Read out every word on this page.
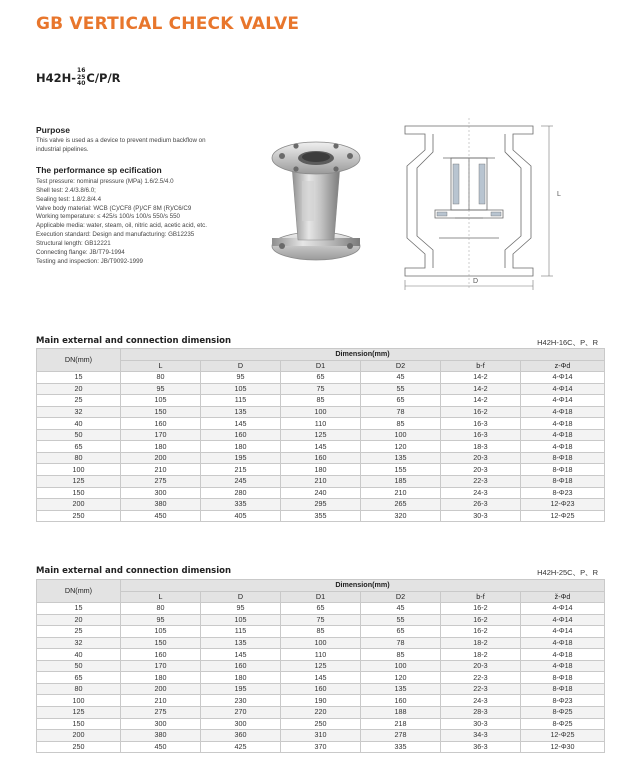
GB VERTICAL CHECK VALVE
H42H-
16
25
40 C/P/R
Purpose
This valve is used as a device to prevent medium backflow on industrial pipelines.
The performance sp ecification
Test pressure: nominal pressure (MPa) 1.6/2.5/4.0
Shell test: 2.4/3.8/6.0;
Sealing test: 1.8/2.8/4.4
Valve body material: WCB (C)/CF8 (P)/CF 8M (R)/C6/C9
Working temperature: ≤ 425/s 100/s 100/s 550/s 550
Applicable media: water, steam, oil, nitric acid, acetic acid, etc.
Execution standard: Design and manufacturing: GB12235
Structural length: GB12221
Connecting flange: JB/T79-1994
Testing and inspection: JB/T9092-1999
L
D
Main external and connection dimension	H42H-16C、P、R
DN(mm)	Dimension(mm)					
	L	D	D1	D2	b-f	z-Φd
15	80	95	65	45	14-2	4-Φ14
20	95	105	75	55	14-2	4-Φ14
25	105	115	85	65	14-2	4-Φ14
32	150	135	100	78	16-2	4-Φ18
40	160	145	110	85	16-3	4-Φ18
50	170	160	125	100	16-3	4-Φ18
65	180	180	145	120	18-3	4-Φ18
80	200	195	160	135	20-3	8-Φ18
100	210	215	180	155	20-3	8-Φ18
125	275	245	210	185	22-3	8-Φ18
150	300	280	240	210	24-3	8-Φ23
200	380	335	295	265	26-3	12-Φ23
250	450	405	355	320	30-3	12-Φ25
Main external and connection dimension	H42H-25C、P、R
DN(mm)	Dimension(mm)					
	L	D	D1	D2	b-f	ž-Φd
15	80	95	65	45	16-2	4-Φ14
20	95	105	75	55	16-2	4-Φ14
25	105	115	85	65	16-2	4-Φ14
32	150	135	100	78	18-2	4-Φ18
40	160	145	110	85	18-2	4-Φ18
50	170	160	125	100	20-3	4-Φ18
65	180	180	145	120	22-3	8-Φ18
80	200	195	160	135	22-3	8-Φ18
100	210	230	190	160	24-3	8-Φ23
125	275	270	220	188	28-3	8-Φ25
150	300	300	250	218	30-3	8-Φ25
200	380	360	310	278	34-3	12-Φ25
250	450	425	370	335	36-3	12-Φ30
